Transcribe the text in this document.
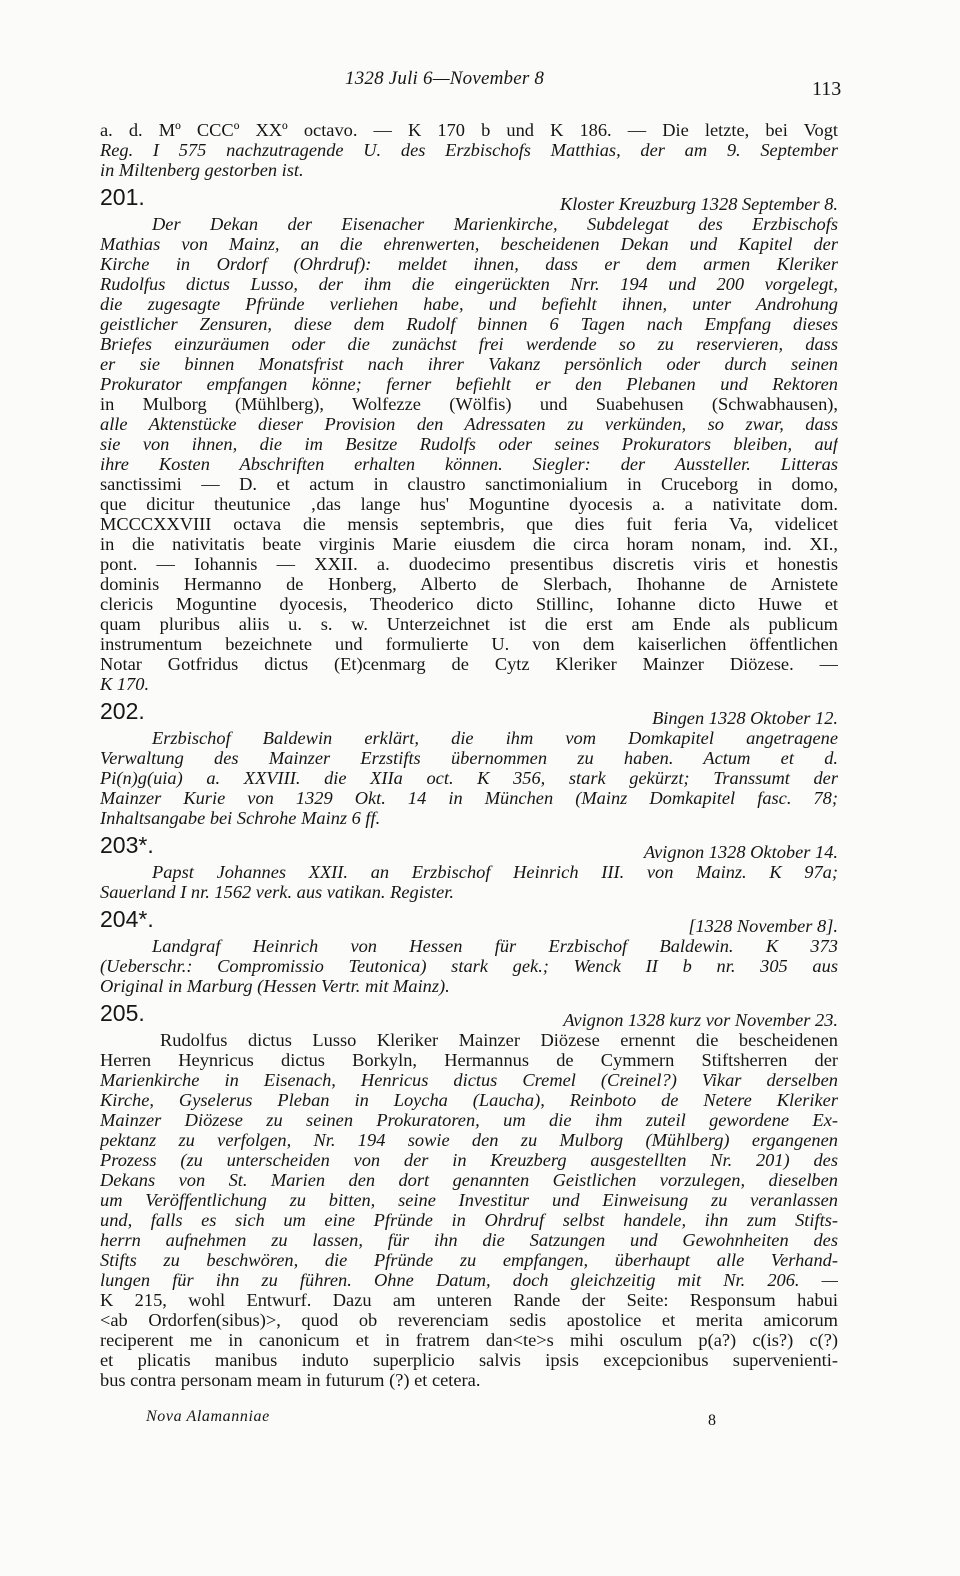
1328 Juli 6—November 8	113
a. d. Mº CCCº XXº octavo. — K 170 b und K 186. — Die letzte, bei Vogt
Reg. I 575 nachzutragende U. des Erzbischofs Matthias, der am 9. September
in Miltenberg gestorben ist.
201.	Kloster Kreuzburg 1328 September 8.
Der Dekan der Eisenacher Marienkirche, Subdelegat des Erzbischofs
Mathias von Mainz, an die ehrenwerten, bescheidenen Dekan und Kapitel der
Kirche in Ordorf (Ohrdruf): meldet ihnen, dass er dem armen Kleriker
Rudolfus dictus Lusso, der ihm die eingerückten Nrr. 194 und 200 vorgelegt,
die zugesagte Pfründe verliehen habe, und befiehlt ihnen, unter Androhung
geistlicher Zensuren, diese dem Rudolf binnen 6 Tagen nach Empfang dieses
Briefes einzuräumen oder die zunächst frei werdende so zu reservieren, dass
er sie binnen Monatsfrist nach ihrer Vakanz persönlich oder durch seinen
Prokurator empfangen könne; ferner befiehlt er den Plebanen und Rektoren
in Mulborg (Mühlberg), Wolfezze (Wölfis) und Suabehusen (Schwabhausen),
alle Aktenstücke dieser Provision den Adressaten zu verkünden, so zwar, dass
sie von ihnen, die im Besitze Rudolfs oder seines Prokurators bleiben, auf
ihre Kosten Abschriften erhalten können. Siegler: der Aussteller. Litteras
sanctissimi — D. et actum in claustro sanctimonialium in Cruceborg in domo,
que dicitur theutunice ‚das lange hus' Moguntine dyocesis a. a nativitate dom.
MCCCXXVIII octava die mensis septembris, que dies fuit feria Va, videlicet
in die nativitatis beate virginis Marie eiusdem die circa horam nonam, ind. XI.,
pont. — Iohannis — XXII. a. duodecimo presentibus discretis viris et honestis
dominis Hermanno de Honberg, Alberto de Slerbach, Ihohanne de Arnistete
clericis Moguntine dyocesis, Theoderico dicto Stillinc, Iohanne dicto Huwe et
quam pluribus aliis u. s. w. Unterzeichnet ist die erst am Ende als publicum
instrumentum bezeichnete und formulierte U. von dem kaiserlichen öffentlichen
Notar Gotfridus dictus (Et)cenmarg de Cytz Kleriker Mainzer Diözese. —
K 170.
202.	Bingen 1328 Oktober 12.
Erzbischof Baldewin erklärt, die ihm vom Domkapitel angetragene
Verwaltung des Mainzer Erzstifts übernommen zu haben. Actum et d.
Pi(n)g(uia) a. XXVIII. die XIIa oct. K 356, stark gekürzt; Transsumt der
Mainzer Kurie von 1329 Okt. 14 in München (Mainz Domkapitel fasc. 78;
Inhaltsangabe bei Schrohe Mainz 6 ff.
203*.	Avignon 1328 Oktober 14.
Papst Johannes XXII. an Erzbischof Heinrich III. von Mainz. K 97a;
Sauerland I nr. 1562 verk. aus vatikan. Register.
204*.	[1328 November 8].
Landgraf Heinrich von Hessen für Erzbischof Baldewin. K 373
(Ueberschr.: Compromissio Teutonica) stark gek.; Wenck II b nr. 305 aus
Original in Marburg (Hessen Vertr. mit Mainz).
205.	Avignon 1328 kurz vor November 23.
Rudolfus dictus Lusso Kleriker Mainzer Diözese ernennt die bescheidenen
Herren Heynricus dictus Borkyln, Hermannus de Cymmern Stiftsherren der
Marienkirche in Eisenach, Henricus dictus Cremel (Creinel?) Vikar derselben
Kirche, Gyselerus Pleban in Loycha (Laucha), Reinboto de Netere Kleriker
Mainzer Diözese zu seinen Prokuratoren, um die ihm zuteil gewordene Ex-
pektanz zu verfolgen, Nr. 194 sowie den zu Mulborg (Mühlberg) ergangenen
Prozess (zu unterscheiden von der in Kreuzberg ausgestellten Nr. 201) des
Dekans von St. Marien den dort genannten Geistlichen vorzulegen, dieselben
um Veröffentlichung zu bitten, seine Investitur und Einweisung zu veranlassen
und, falls es sich um eine Pfründe in Ohrdruf selbst handele, ihn zum Stifts-
herrn aufnehmen zu lassen, für ihn die Satzungen und Gewohnheiten des
Stifts zu beschwören, die Pfründe zu empfangen, überhaupt alle Verhand-
lungen für ihn zu führen. Ohne Datum, doch gleichzeitig mit Nr. 206. —
K 215, wohl Entwurf. Dazu am unteren Rande der Seite: Responsum habui
˂ab Ordorfen(sibus)˃, quod ob reverenciam sedis apostolice et merita amicorum
reciperent me in canonicum et in fratrem dan˂te˃s mihi osculum p(a?) c(is?) c(?)
et plicatis manibus induto superplicio salvis ipsis excepcionibus supervenienti-
bus contra personam meam in futurum (?) et cetera.
Nova Alamanniae	8
